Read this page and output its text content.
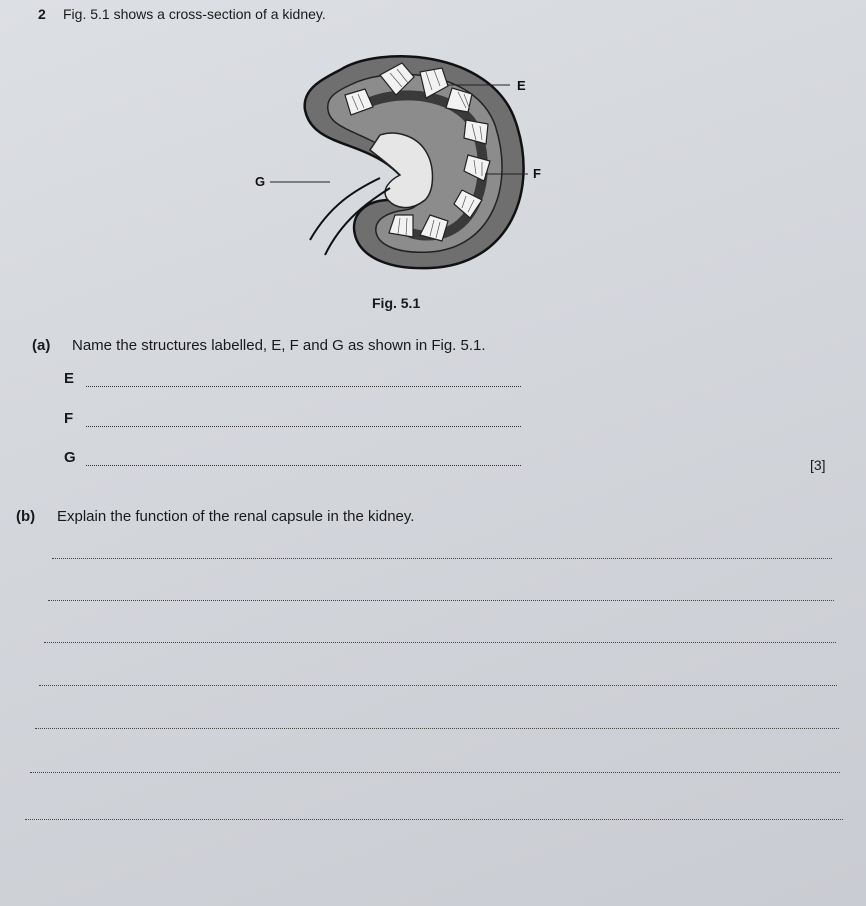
2 Fig. 5.1 shows a cross-section of a kidney.
E
F
G
Fig. 5.1
(a) Name the structures labelled, E, F and G as shown in Fig. 5.1.
E
F
G	[3]
(b) Explain the function of the renal capsule in the kidney.
